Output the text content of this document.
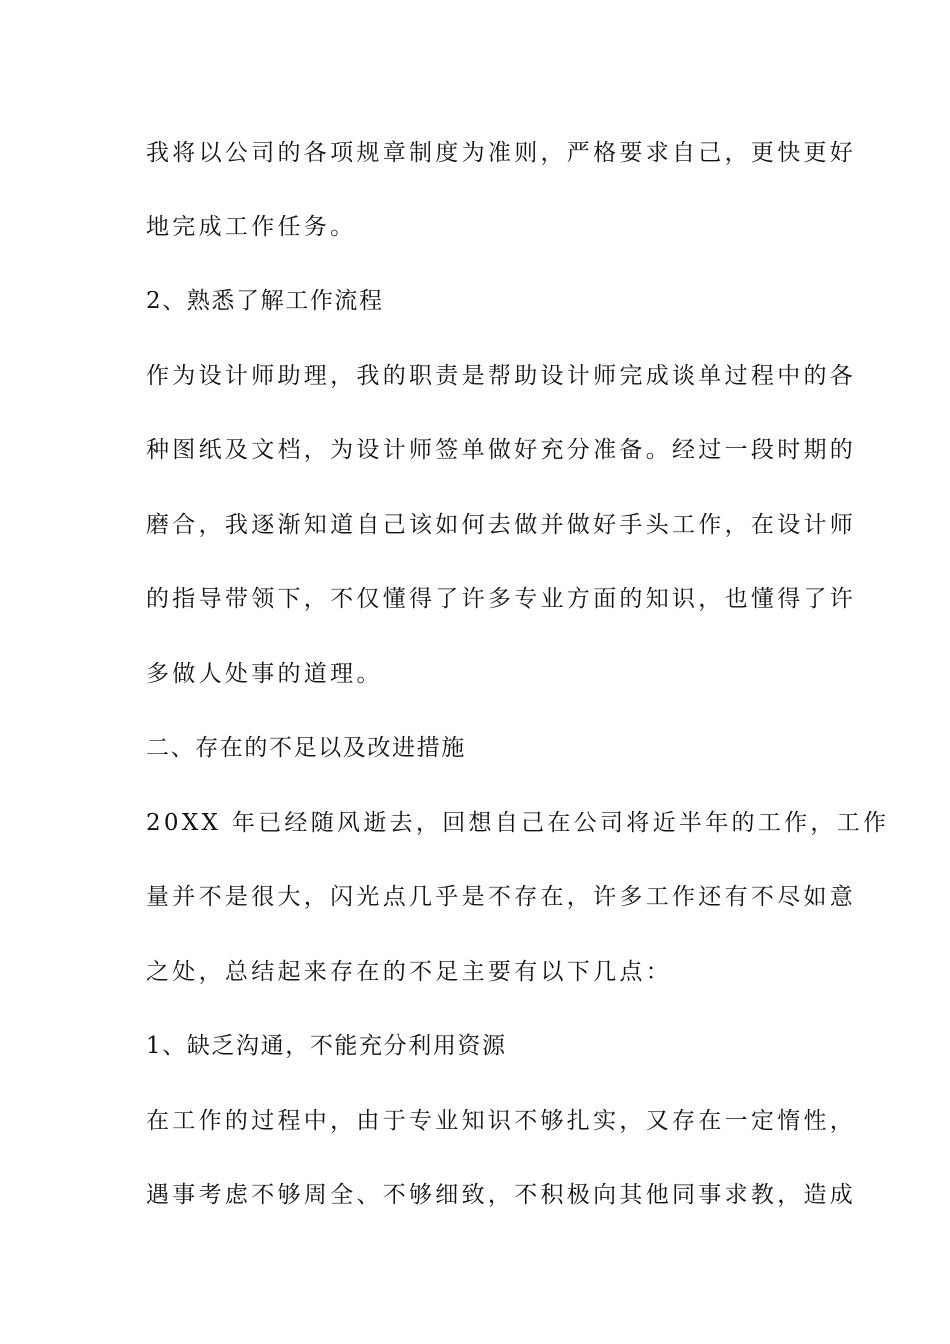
我将以公司的各项规章制度为准则，严格要求自己，更快更好
地完成工作任务。
2、熟悉了解工作流程
作为设计师助理，我的职责是帮助设计师完成谈单过程中的各
种图纸及文档，为设计师签单做好充分准备。经过一段时期的
磨合，我逐渐知道自己该如何去做并做好手头工作，在设计师
的指导带领下，不仅懂得了许多专业方面的知识，也懂得了许
多做人处事的道理。
二、存在的不足以及改进措施
20XX 年已经随风逝去，回想自己在公司将近半年的工作，工作
量并不是很大，闪光点几乎是不存在，许多工作还有不尽如意
之处，总结起来存在的不足主要有以下几点：
1、缺乏沟通，不能充分利用资源
在工作的过程中，由于专业知识不够扎实，又存在一定惰性，
遇事考虑不够周全、不够细致，不积极向其他同事求教，造成
